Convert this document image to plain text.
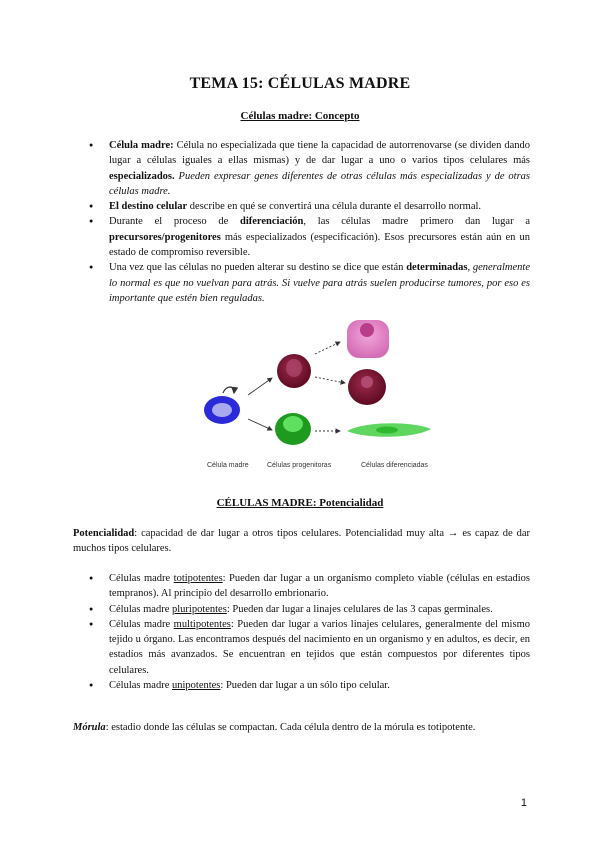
TEMA 15: CÉLULAS MADRE
Células madre: Concepto
● Célula madre: Célula no especializada que tiene la capacidad de autorrenovarse (se dividen dando lugar a células iguales a ellas mismas) y de dar lugar a uno o varios tipos celulares más especializados. Pueden expresar genes diferentes de otras células más especializadas y de otras células madre.
● El destino celular describe en qué se convertirá una célula durante el desarrollo normal.
● Durante el proceso de diferenciación, las células madre primero dan lugar a precursores/progenitores más especializados (especificación). Esos precursores están aún en un estado de compromiso reversible.
● Una vez que las células no pueden alterar su destino se dice que están determinadas, generalmente lo normal es que no vuelvan para atrás. Si vuelve para atrás suelen producirse tumores, por eso es importante que estén bien reguladas.
Célula madre	Células progenitoras	Células diferenciadas
CÉLULAS MADRE: Potencialidad
Potencialidad: capacidad de dar lugar a otros tipos celulares. Potencialidad muy alta → es capaz de dar muchos tipos celulares.
● Células madre totipotentes: Pueden dar lugar a un organismo completo viable (células en estadios tempranos). Al principio del desarrollo embrionario.
● Células madre pluripotentes: Pueden dar lugar a linajes celulares de las 3 capas germinales.
● Células madre multipotentes: Pueden dar lugar a varios linajes celulares, generalmente del mismo tejido u órgano. Las encontramos después del nacimiento en un organismo y en adultos, es decir, en estadíos más avanzados. Se encuentran en tejidos que están compuestos por diferentes tipos celulares.
● Células madre unipotentes: Pueden dar lugar a un sólo tipo celular.
Mórula: estadio donde las células se compactan. Cada célula dentro de la mórula es totipotente.
1
